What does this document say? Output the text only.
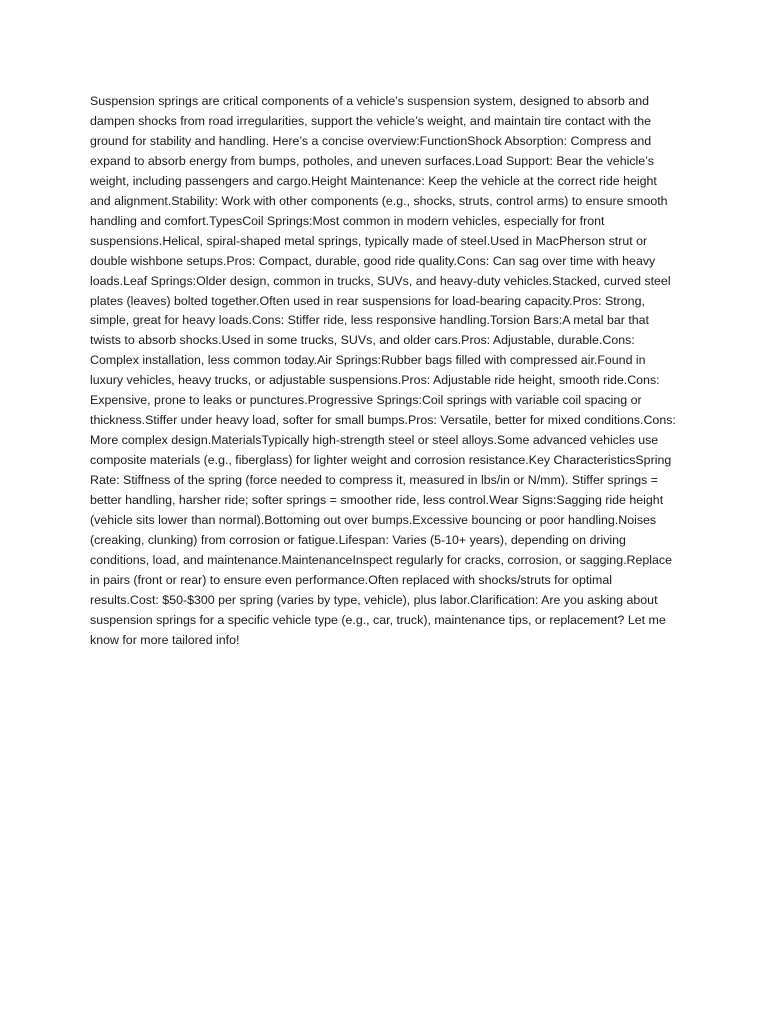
Suspension springs are critical components of a vehicle’s suspension system, designed to absorb and dampen shocks from road irregularities, support the vehicle’s weight, and maintain tire contact with the ground for stability and handling. Here’s a concise overview:FunctionShock Absorption: Compress and expand to absorb energy from bumps, potholes, and uneven surfaces.Load Support: Bear the vehicle’s weight, including passengers and cargo.Height Maintenance: Keep the vehicle at the correct ride height and alignment.Stability: Work with other components (e.g., shocks, struts, control arms) to ensure smooth handling and comfort.TypesCoil Springs:Most common in modern vehicles, especially for front suspensions.Helical, spiral-shaped metal springs, typically made of steel.Used in MacPherson strut or double wishbone setups.Pros: Compact, durable, good ride quality.Cons: Can sag over time with heavy loads.Leaf Springs:Older design, common in trucks, SUVs, and heavy-duty vehicles.Stacked, curved steel plates (leaves) bolted together.Often used in rear suspensions for load-bearing capacity.Pros: Strong, simple, great for heavy loads.Cons: Stiffer ride, less responsive handling.Torsion Bars:A metal bar that twists to absorb shocks.Used in some trucks, SUVs, and older cars.Pros: Adjustable, durable.Cons: Complex installation, less common today.Air Springs:Rubber bags filled with compressed air.Found in luxury vehicles, heavy trucks, or adjustable suspensions.Pros: Adjustable ride height, smooth ride.Cons: Expensive, prone to leaks or punctures.Progressive Springs:Coil springs with variable coil spacing or thickness.Stiffer under heavy load, softer for small bumps.Pros: Versatile, better for mixed conditions.Cons: More complex design.MaterialsTypically high-strength steel or steel alloys.Some advanced vehicles use composite materials (e.g., fiberglass) for lighter weight and corrosion resistance.Key CharacteristicsSpring Rate: Stiffness of the spring (force needed to compress it, measured in lbs/in or N/mm). Stiffer springs = better handling, harsher ride; softer springs = smoother ride, less control.Wear Signs:Sagging ride height (vehicle sits lower than normal).Bottoming out over bumps.Excessive bouncing or poor handling.Noises (creaking, clunking) from corrosion or fatigue.Lifespan: Varies (5-10+ years), depending on driving conditions, load, and maintenance.MaintenanceInspect regularly for cracks, corrosion, or sagging.Replace in pairs (front or rear) to ensure even performance.Often replaced with shocks/struts for optimal results.Cost: $50-$300 per spring (varies by type, vehicle), plus labor.Clarification: Are you asking about suspension springs for a specific vehicle type (e.g., car, truck), maintenance tips, or replacement? Let me know for more tailored info!
